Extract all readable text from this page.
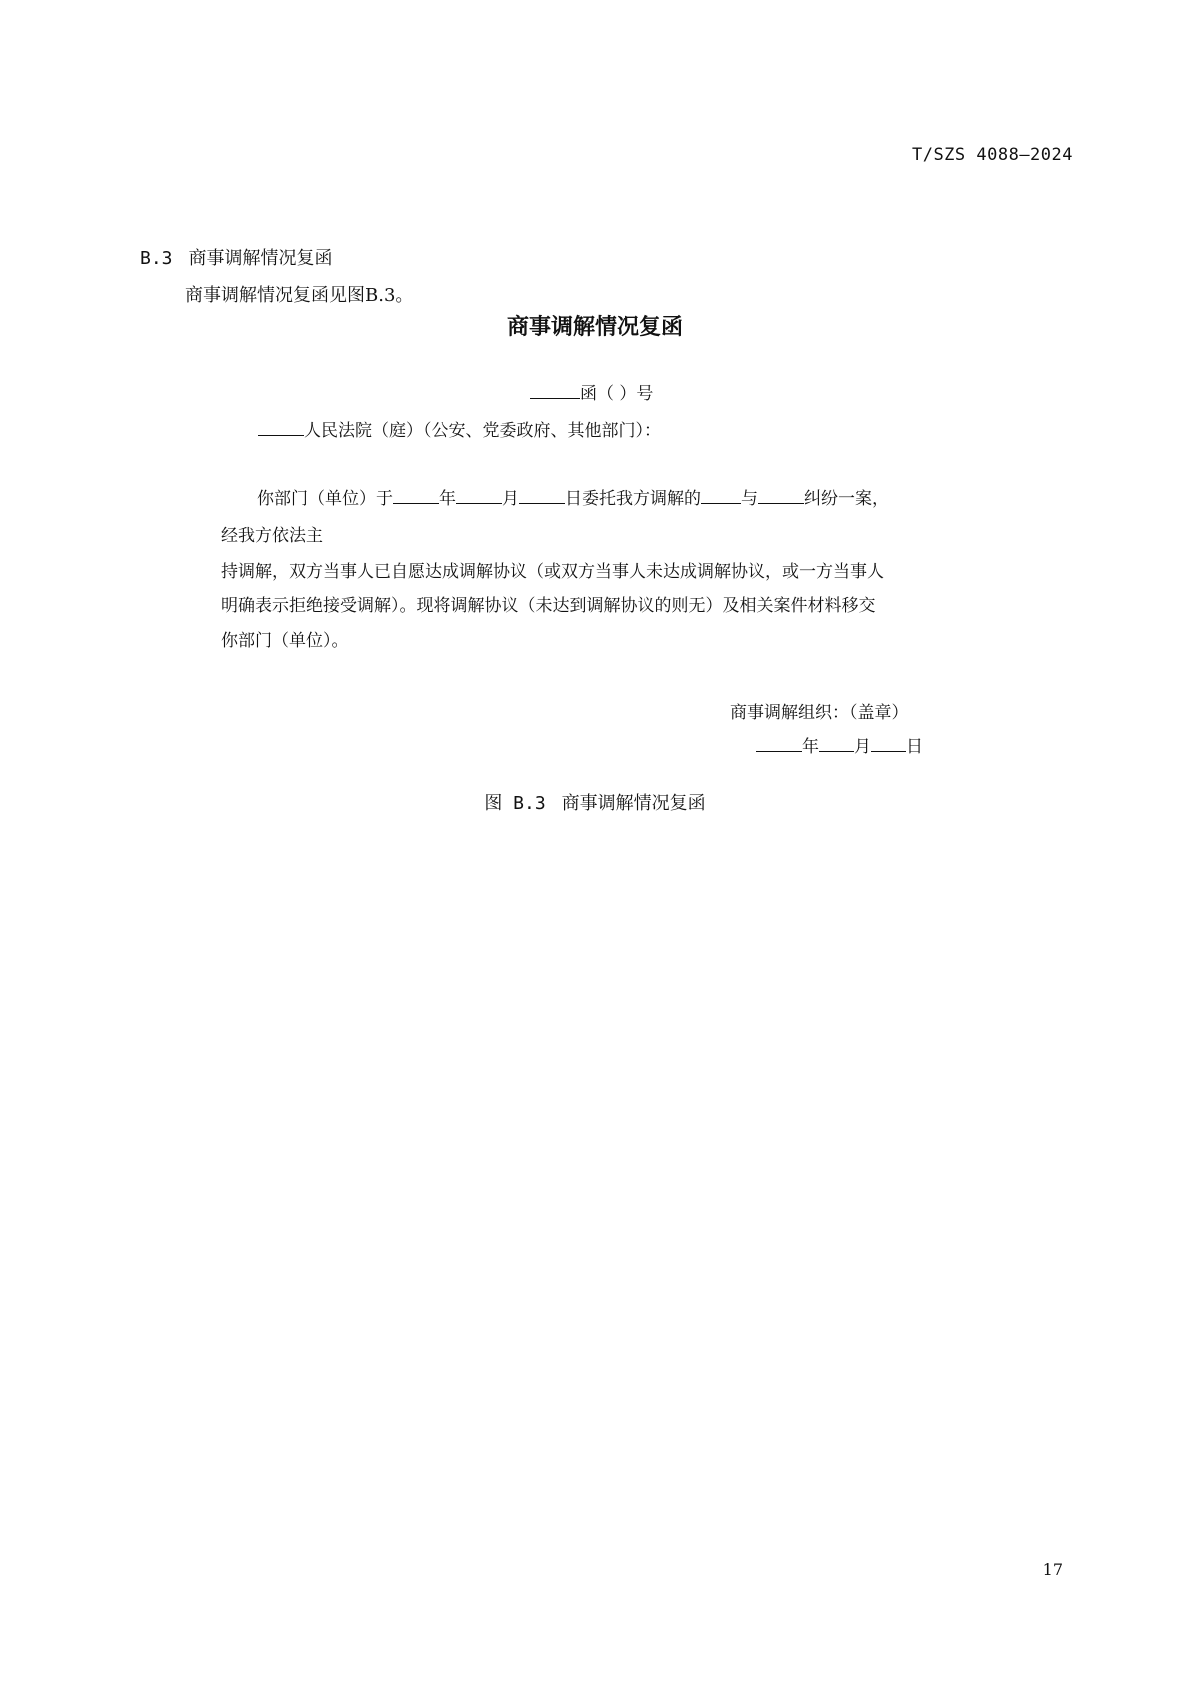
T/SZS 4088—2024
B.3 商事调解情况复函
商事调解情况复函见图B.3。
商事调解情况复函
函（ ）号
人民法院（庭）（公安、党委政府、其他部门）：
你部门（单位）于	年	月	日委托我方调解的 与	纠纷一案，
经我方依法主
持调解，双方当事人已自愿达成调解协议（或双方当事人未达成调解协议，或一方当事人
明确表示拒绝接受调解）。现将调解协议（未达到调解协议的则无）及相关案件材料移交
你部门（单位）。
商事调解组织：（盖章）
年 月 日
图 B.3 商事调解情况复函
17
